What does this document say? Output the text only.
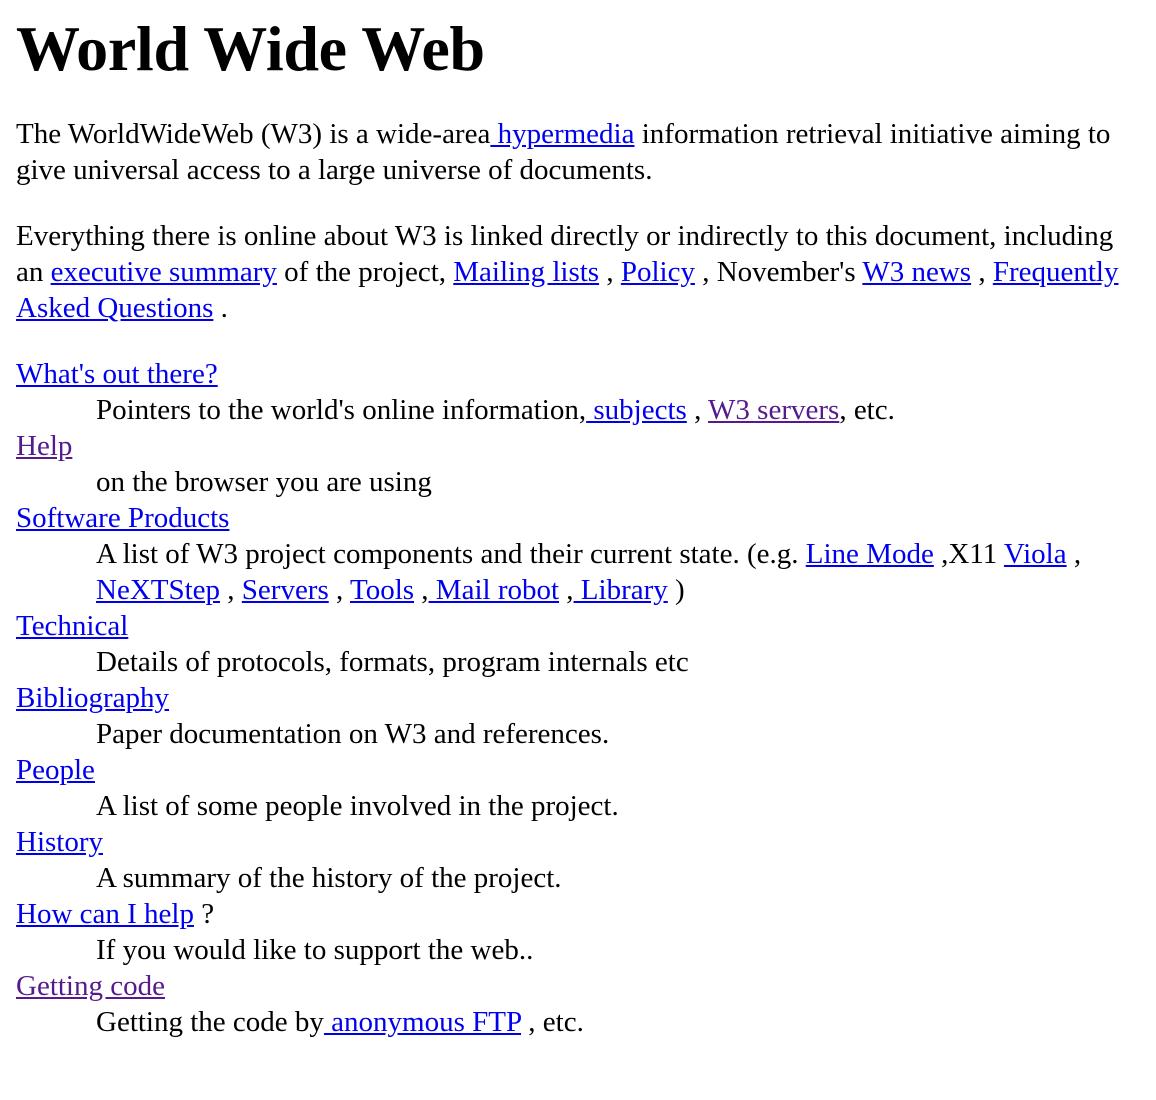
World Wide Web

The WorldWideWeb (W3) is a wide-area hypermedia information retrieval initiative aiming to give universal access to a large universe of documents.

Everything there is online about W3 is linked directly or indirectly to this document, including an executive summary of the project, Mailing lists , Policy , November's W3 news , Frequently Asked Questions .

What's out there?
Pointers to the world's online information, subjects , W3 servers, etc.
Help
on the browser you are using
Software Products
A list of W3 project components and their current state. (e.g. Line Mode ,X11 Viola , NeXTStep , Servers , Tools , Mail robot , Library )
Technical
Details of protocols, formats, program internals etc
Bibliography
Paper documentation on W3 and references.
People
A list of some people involved in the project.
History
A summary of the history of the project.
How can I help ?
If you would like to support the web..
Getting code
Getting the code by anonymous FTP , etc.
